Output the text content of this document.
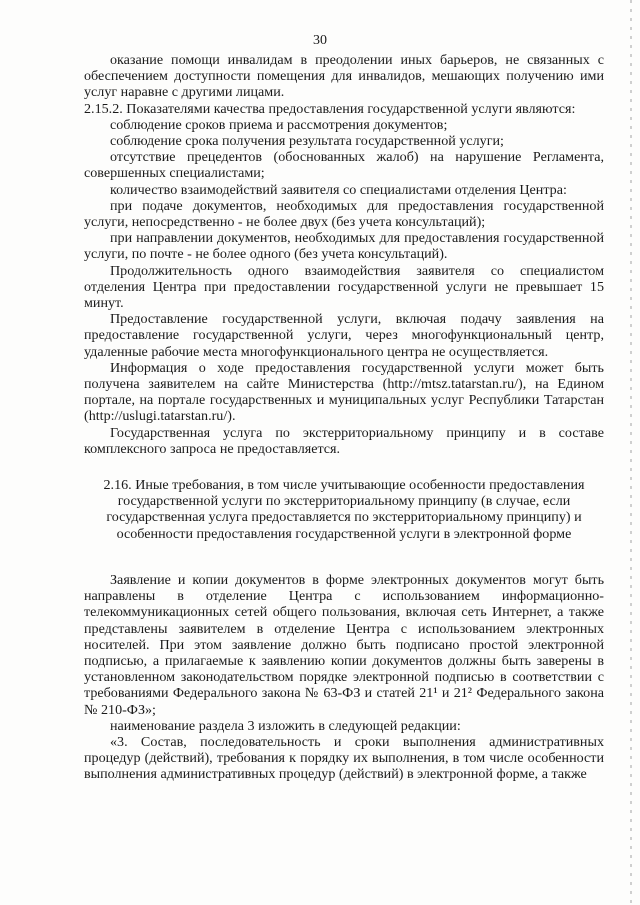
30

оказание помощи инвалидам в преодолении иных барьеров, не связанных с обеспечением доступности помещения для инвалидов, мешающих получению ими услуг наравне с другими лицами.

2.15.2. Показателями качества предоставления государственной услуги являются:

соблюдение сроков приема и рассмотрения документов;

соблюдение срока получения результата государственной услуги;

отсутствие прецедентов (обоснованных жалоб) на нарушение Регламента, совершенных специалистами;

количество взаимодействий заявителя со специалистами отделения Центра:

при подаче документов, необходимых для предоставления государственной услуги, непосредственно - не более двух (без учета консультаций);

при направлении документов, необходимых для предоставления государственной услуги, по почте - не более одного (без учета консультаций).

Продолжительность одного взаимодействия заявителя со специалистом отделения Центра при предоставлении государственной услуги не превышает 15 минут.

Предоставление государственной услуги, включая подачу заявления на предоставление государственной услуги, через многофункциональный центр, удаленные рабочие места многофункционального центра не осуществляется.

Информация о ходе предоставления государственной услуги может быть получена заявителем на сайте Министерства (http://mtsz.tatarstan.ru/), на Едином портале, на портале государственных и муниципальных услуг Республики Татарстан (http://uslugi.tatarstan.ru/).

Государственная услуга по экстерриториальному принципу и в составе комплексного запроса не предоставляется.

2.16. Иные требования, в том числе учитывающие особенности предоставления государственной услуги по экстерриториальному принципу (в случае, если государственная услуга предоставляется по экстерриториальному принципу) и особенности предоставления государственной услуги в электронной форме

Заявление и копии документов в форме электронных документов могут быть направлены в отделение Центра с использованием информационно-телекоммуникационных сетей общего пользования, включая сеть Интернет, а также представлены заявителем в отделение Центра с использованием электронных носителей. При этом заявление должно быть подписано простой электронной подписью, а прилагаемые к заявлению копии документов должны быть заверены в установленном законодательством порядке электронной подписью в соответствии с требованиями Федерального закона № 63-ФЗ и статей 21¹ и 21² Федерального закона № 210-ФЗ»;

наименование раздела 3 изложить в следующей редакции:

«3. Состав, последовательность и сроки выполнения административных процедур (действий), требования к порядку их выполнения, в том числе особенности выполнения административных процедур (действий) в электронной форме, а также
